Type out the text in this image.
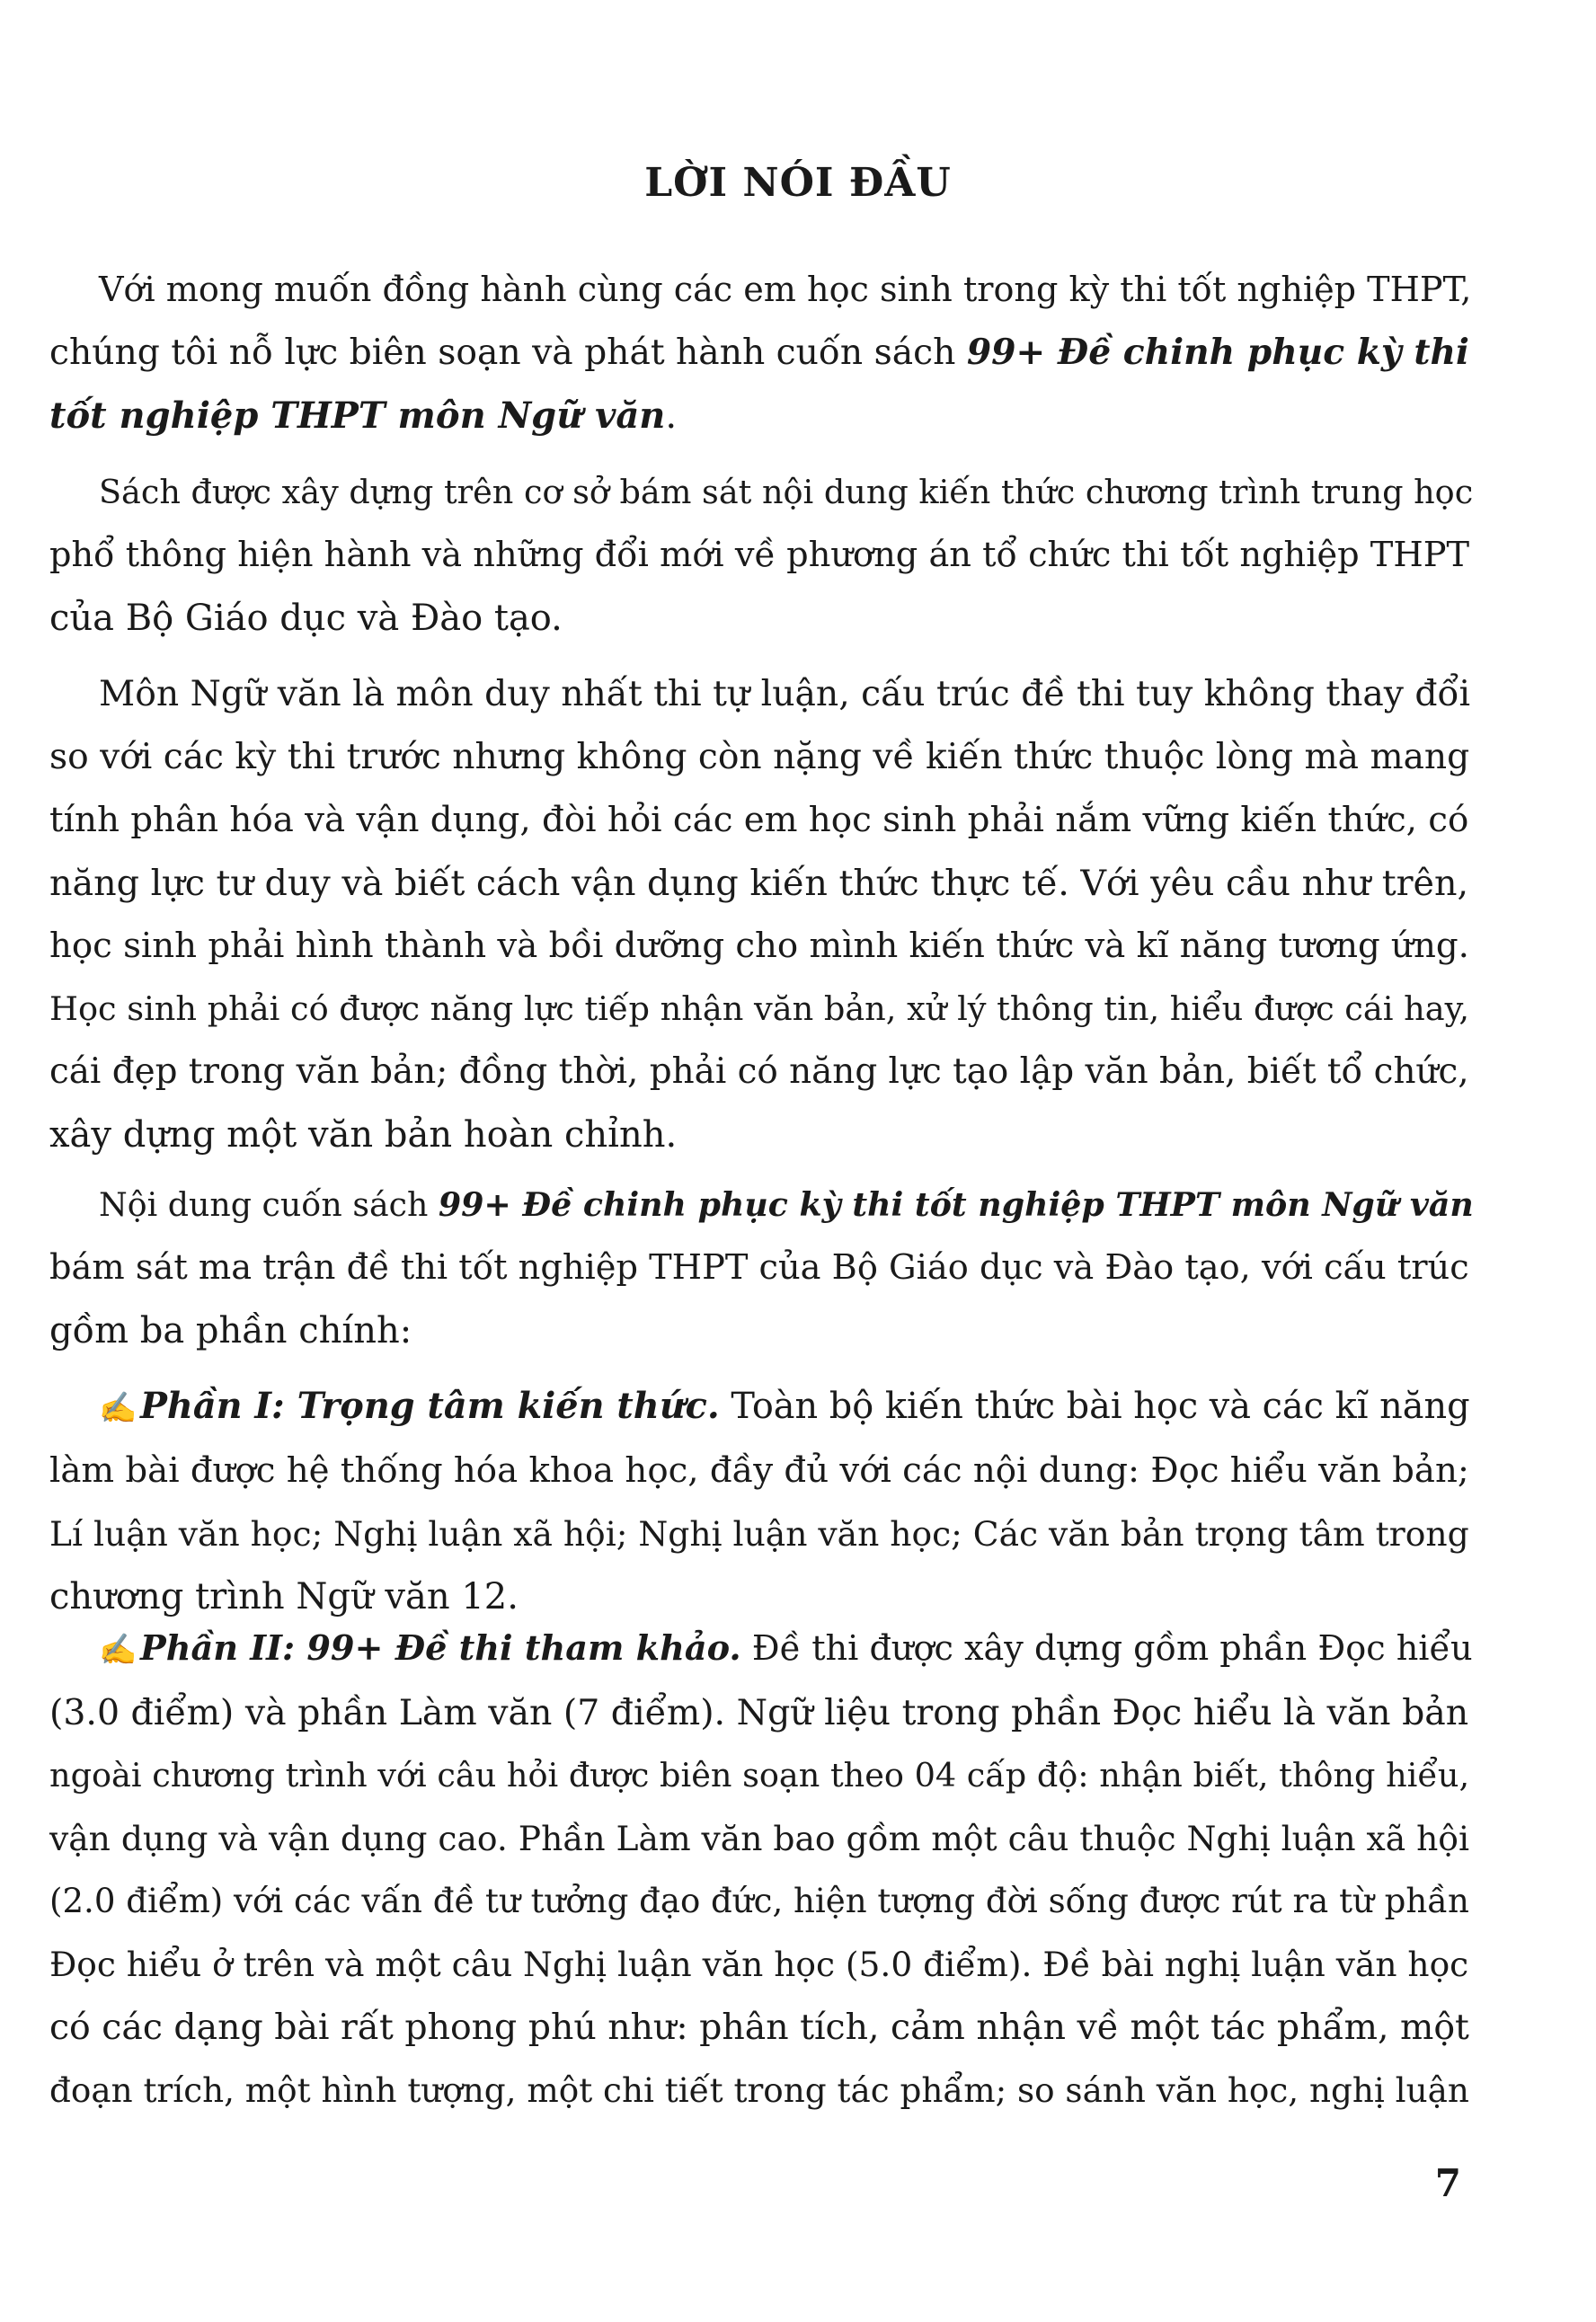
LỜI NÓI ĐẦU
Với mong muốn đồng hành cùng các em học sinh trong kỳ thi tốt nghiệp THPT,
chúng tôi nỗ lực biên soạn và phát hành cuốn sách 99+ Đề chinh phục kỳ thi
tốt nghiệp THPT môn Ngữ văn.
Sách được xây dựng trên cơ sở bám sát nội dung kiến thức chương trình trung học
phổ thông hiện hành và những đổi mới về phương án tổ chức thi tốt nghiệp THPT
của Bộ Giáo dục và Đào tạo.
Môn Ngữ văn là môn duy nhất thi tự luận, cấu trúc đề thi tuy không thay đổi
so với các kỳ thi trước nhưng không còn nặng về kiến thức thuộc lòng mà mang
tính phân hóa và vận dụng, đòi hỏi các em học sinh phải nắm vững kiến thức, có
năng lực tư duy và biết cách vận dụng kiến thức thực tế. Với yêu cầu như trên,
học sinh phải hình thành và bồi dưỡng cho mình kiến thức và kĩ năng tương ứng.
Học sinh phải có được năng lực tiếp nhận văn bản, xử lý thông tin, hiểu được cái hay,
cái đẹp trong văn bản; đồng thời, phải có năng lực tạo lập văn bản, biết tổ chức,
xây dựng một văn bản hoàn chỉnh.
Nội dung cuốn sách 99+ Đề chinh phục kỳ thi tốt nghiệp THPT môn Ngữ văn
bám sát ma trận đề thi tốt nghiệp THPT của Bộ Giáo dục và Đào tạo, với cấu trúc
gồm ba phần chính:
✍Phần I: Trọng tâm kiến thức. Toàn bộ kiến thức bài học và các kĩ năng
làm bài được hệ thống hóa khoa học, đầy đủ với các nội dung: Đọc hiểu văn bản;
Lí luận văn học; Nghị luận xã hội; Nghị luận văn học; Các văn bản trọng tâm trong
chương trình Ngữ văn 12.
✍Phần II: 99+ Đề thi tham khảo. Đề thi được xây dựng gồm phần Đọc hiểu
(3.0 điểm) và phần Làm văn (7 điểm). Ngữ liệu trong phần Đọc hiểu là văn bản
ngoài chương trình với câu hỏi được biên soạn theo 04 cấp độ: nhận biết, thông hiểu,
vận dụng và vận dụng cao. Phần Làm văn bao gồm một câu thuộc Nghị luận xã hội
(2.0 điểm) với các vấn đề tư tưởng đạo đức, hiện tượng đời sống được rút ra từ phần
Đọc hiểu ở trên và một câu Nghị luận văn học (5.0 điểm). Đề bài nghị luận văn học
có các dạng bài rất phong phú như: phân tích, cảm nhận về một tác phẩm, một
đoạn trích, một hình tượng, một chi tiết trong tác phẩm; so sánh văn học, nghị luận
7
